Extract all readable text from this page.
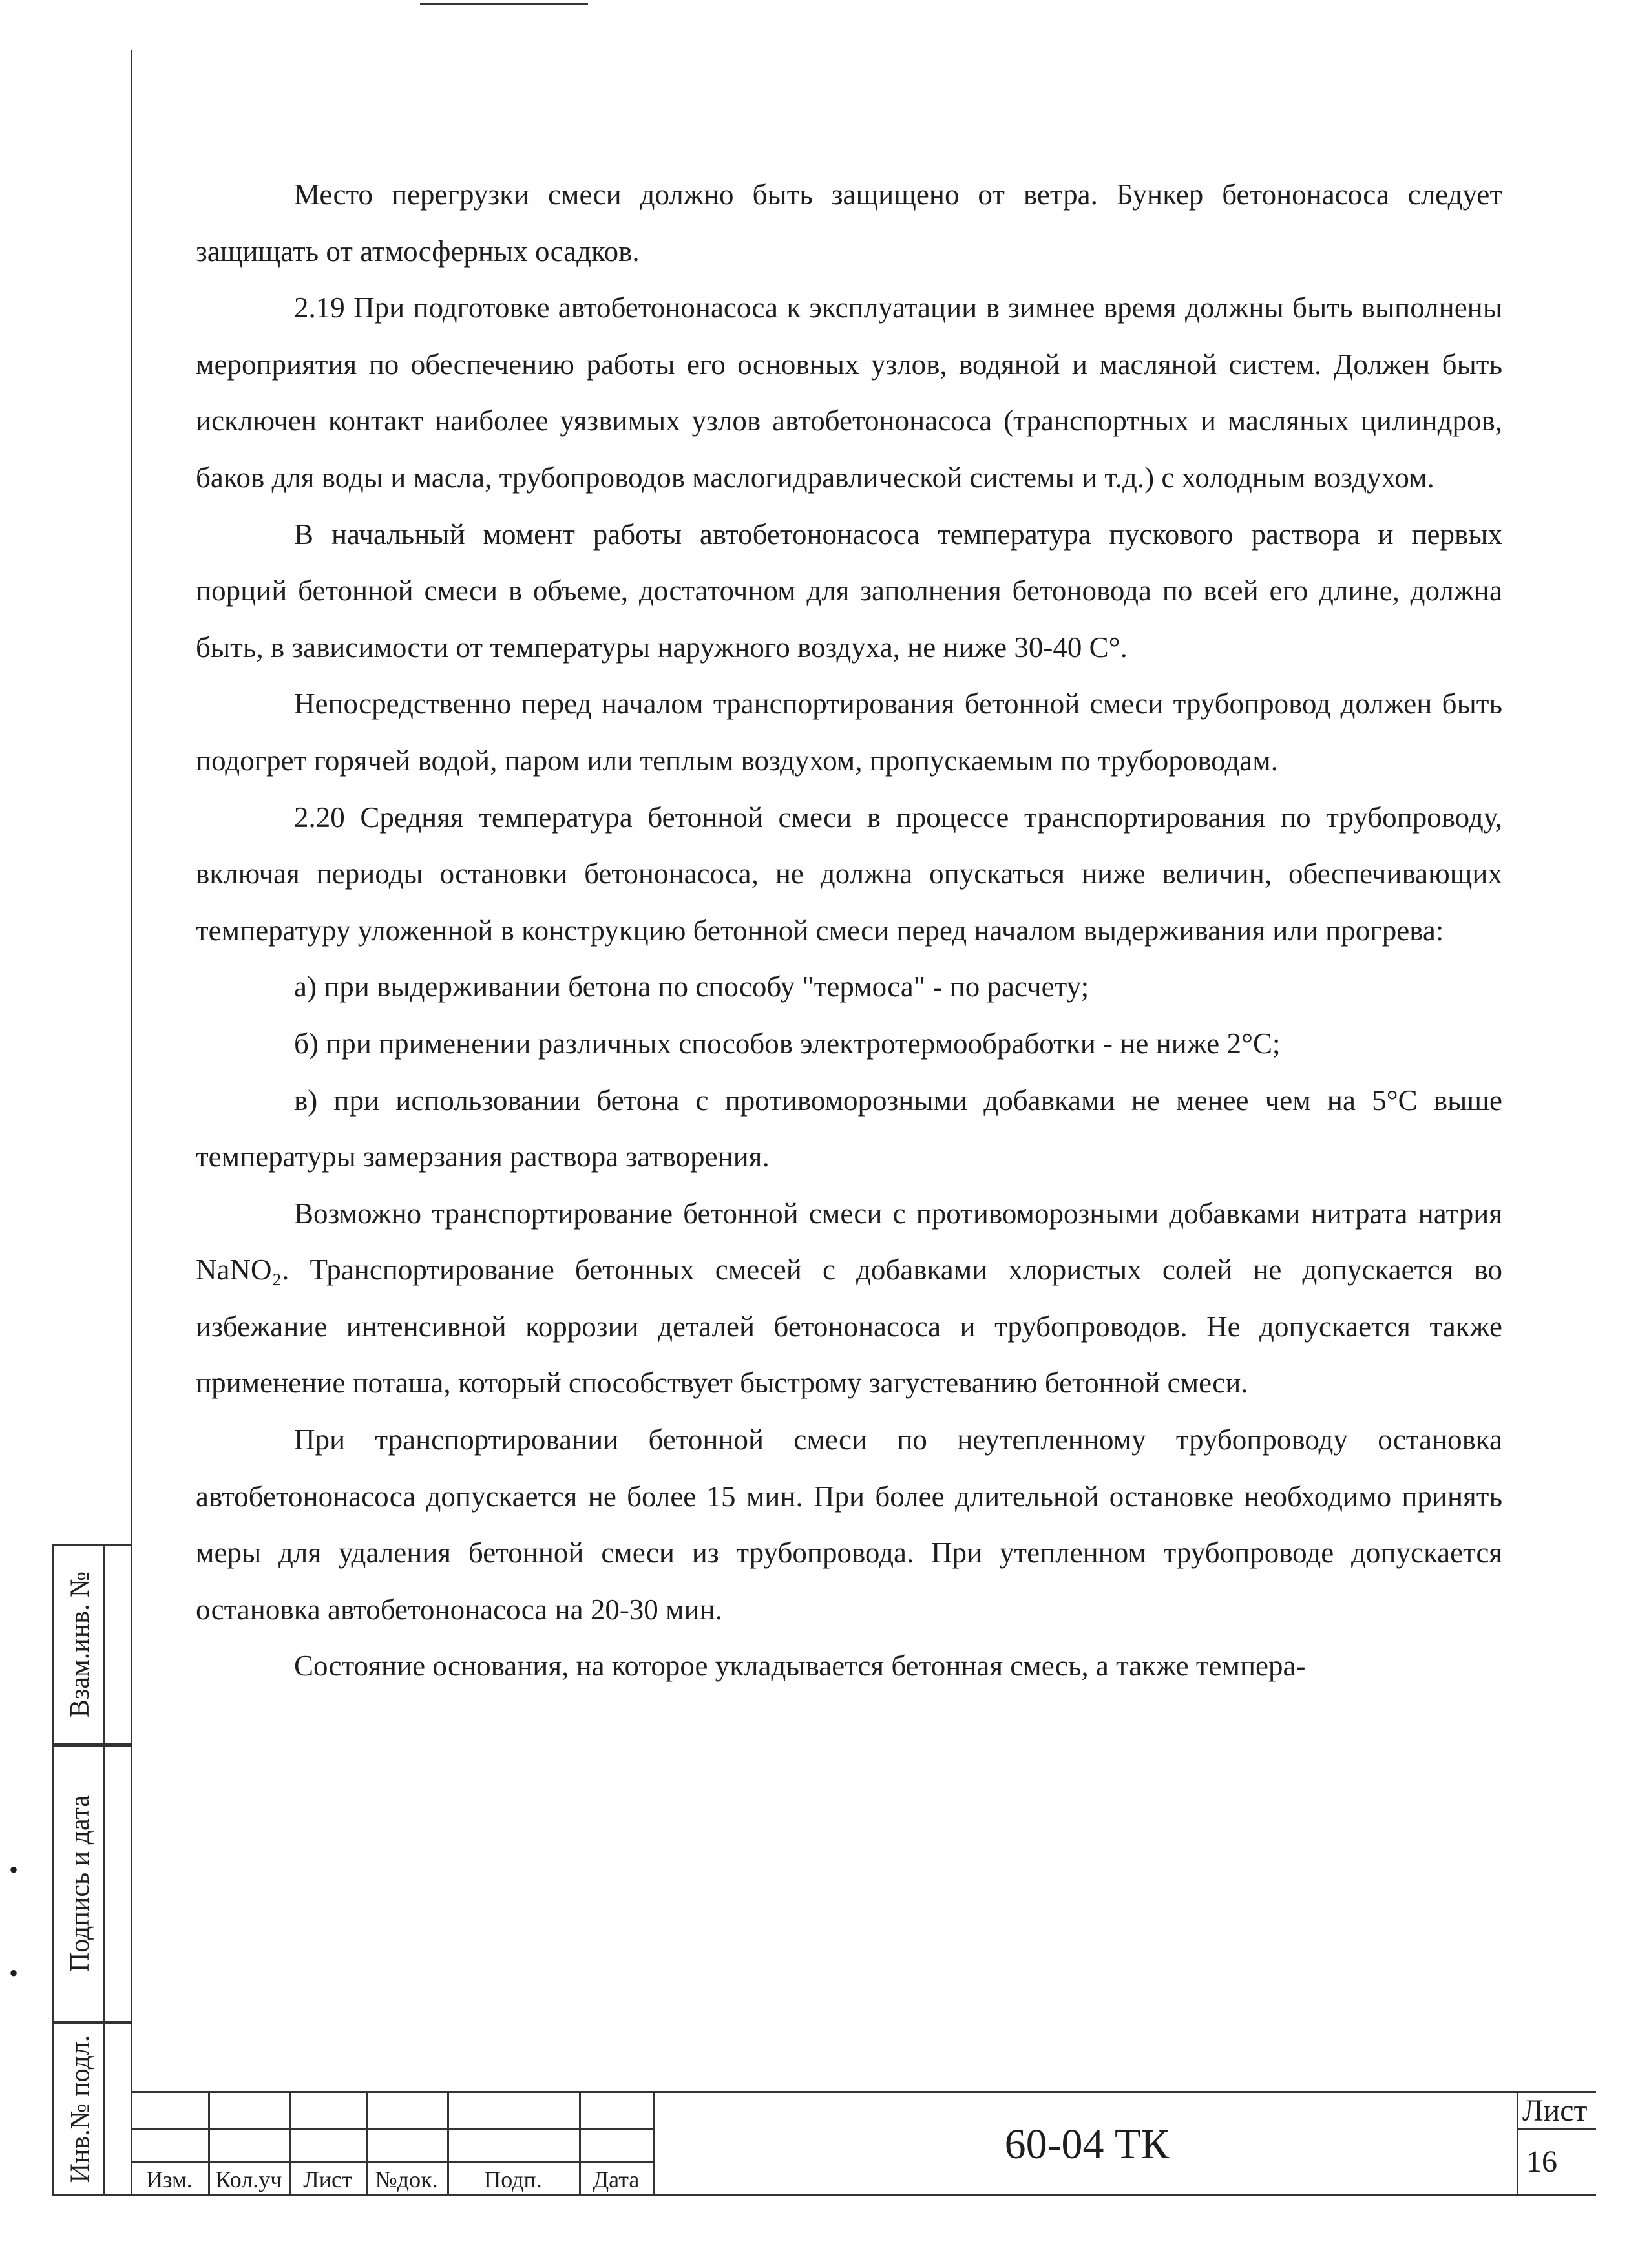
Взам.инв. №
Подпись и дата
Инв.№ подл.
•
•

Место перегрузки смеси должно быть защищено от ветра. Бункер бетононасоса следует защищать от атмосферных осадков.

2.19 При подготовке автобетононасоса к эксплуатации в зимнее время должны быть выполнены мероприятия по обеспечению работы его основных узлов, водяной и масляной систем. Должен быть исключен контакт наиболее уязвимых узлов автобетононасоса (транспортных и масляных цилиндров, баков для воды и масла, трубопроводов маслогидравлической системы и т.д.) с холодным воздухом.

В начальный момент работы автобетононасоса температура пускового раствора и первых порций бетонной смеси в объеме, достаточном для заполнения бетоновода по всей его длине, должна быть, в зависимости от температуры наружного воздуха, не ниже 30-40 С°.

Непосредственно перед началом транспортирования бетонной смеси трубопровод должен быть подогрет горячей водой, паром или теплым воздухом, пропускаемым по трубороводам.

2.20 Средняя температура бетонной смеси в процессе транспортирования по трубопроводу, включая периоды остановки бетононасоса, не должна опускаться ниже величин, обеспечивающих температуру уложенной в конструкцию бетонной смеси перед началом выдерживания или прогрева:

а) при выдерживании бетона по способу "термоса" - по расчету;

б) при применении различных способов электротермообработки - не ниже 2°С;

в) при использовании бетона с противоморозными добавками не менее чем на 5°С выше температуры замерзания раствора затворения.

Возможно транспортирование бетонной смеси с противоморозными добавками нитрата натрия NaNO₂. Транспортирование бетонных смесей с добавками хлористых солей не допускается во избежание интенсивной коррозии деталей бетононасоса и трубопроводов. Не допускается также применение поташа, который способствует быстрому загустеванию бетонной смеси.

При транспортировании бетонной смеси по неутепленному трубопроводу остановка автобетононасоса допускается не более 15 мин. При более длительной остановке необходимо принять меры для удаления бетонной смеси из трубопровода. При утепленном трубопроводе допускается остановка автобетононасоса на 20-30 мин.

Состояние основания, на которое укладывается бетонная смесь, а также темпера-

Изм. Кол.уч Лист №док.	Подп.	Дата
60-04 ТК
Лист
16
